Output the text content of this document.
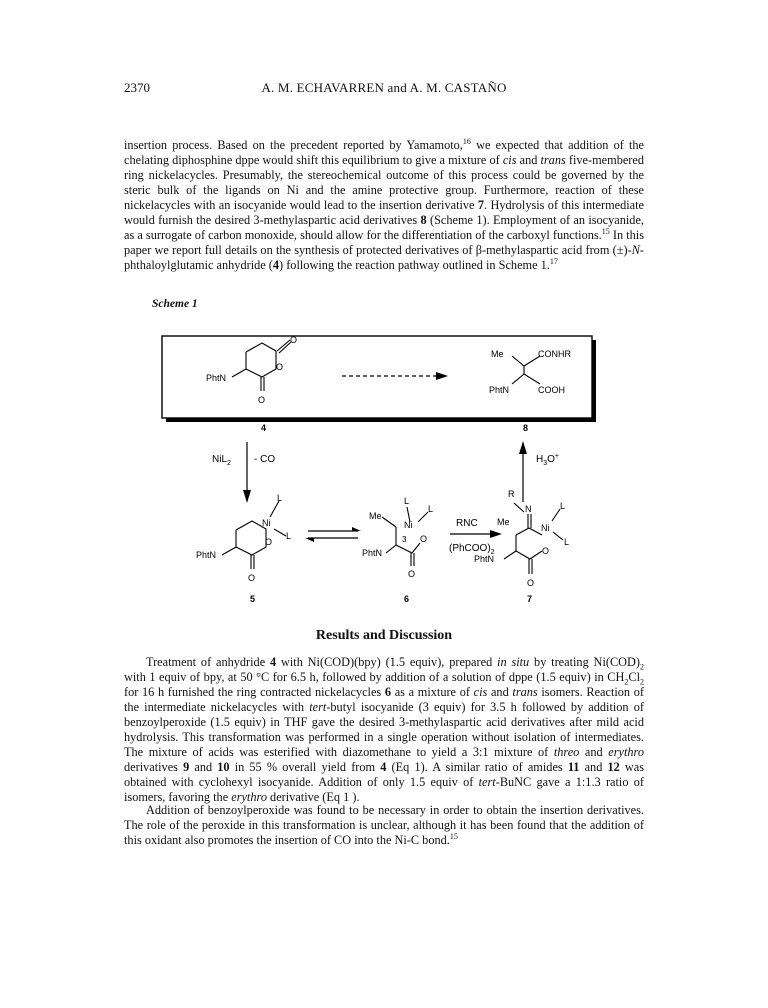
2370	A. M. ECHAVARREN and A. M. CASTAÑO

insertion process. Based on the precedent reported by Yamamoto,$^{16}$ we expected that addition of the chelating diphosphine dppe would shift this equilibrium to give a mixture of cis and trans five-membered ring nickelacycles. Presumably, the stereochemical outcome of this process could be governed by the steric bulk of the ligands on Ni and the amine protective group. Furthermore, reaction of these nickelacycles with an isocyanide would lead to the insertion derivative 7. Hydrolysis of this intermediate would furnish the desired 3-methylaspartic acid derivatives 8 (Scheme 1). Employment of an isocyanide, as a surrogate of carbon monoxide, should allow for the differentiation of the carboxyl functions.$^{15}$ In this paper we report full details on the synthesis of protected derivatives of β-methylaspartic acid from (±)-N-phthaloylglutamic anhydride (4) following the reaction pathway outlined in Scheme 1.17

Scheme 1
O
O
PhtN
O
4
Me	CONHR
PhtN	COOH
8
NiL$_2$ - CO	$H_3O^+$
L
Ni
L
O
PhtN
O
5
L
L
Me
Ni
3 O
PhtN
O
6
RNC
$(PhCOO)_2$
R
N	L
Me
Ni
L
O
PhtN
O
7
Results and Discussion

Treatment of anhydride 4 with Ni(COD)(bpy) (1.5 equiv), prepared in situ by treating $Ni(COD)_2$ with 1 equiv of bpy, at 50 °C for 6.5 h, followed by addition of a solution of dppe (1.5 equiv) in $CH_2Cl_2$ for 16 h furnished the ring contracted nickelacycles 6 as a mixture of cis and trans isomers. Reaction of the intermediate nickelacycles with tert-butyl isocyanide (3 equiv) for 3.5 h followed by addition of benzoylperoxide (1.5 equiv) in THF gave the desired 3-methylaspartic acid derivatives after mild acid hydrolysis. This transformation was performed in a single operation without isolation of intermediates. The mixture of acids was esterified with diazomethane to yield a 3:1 mixture of threo and erythro derivatives 9 and 10 in 55 % overall yield from 4 (Eq 1). A similar ratio of amides 11 and 12 was obtained with cyclohexyl isocyanide. Addition of only 1.5 equiv of tert-BuNC gave a 1:1.3 ratio of isomers, favoring the erythro derivative (Eq 1 ).

Addition of benzoylperoxide was found to be necessary in order to obtain the insertion derivatives. The role of the peroxide in this transformation is unclear, although it has been found that the addition of this oxidant also promotes the insertion of CO into the Ni-C bond.$^{15}$
